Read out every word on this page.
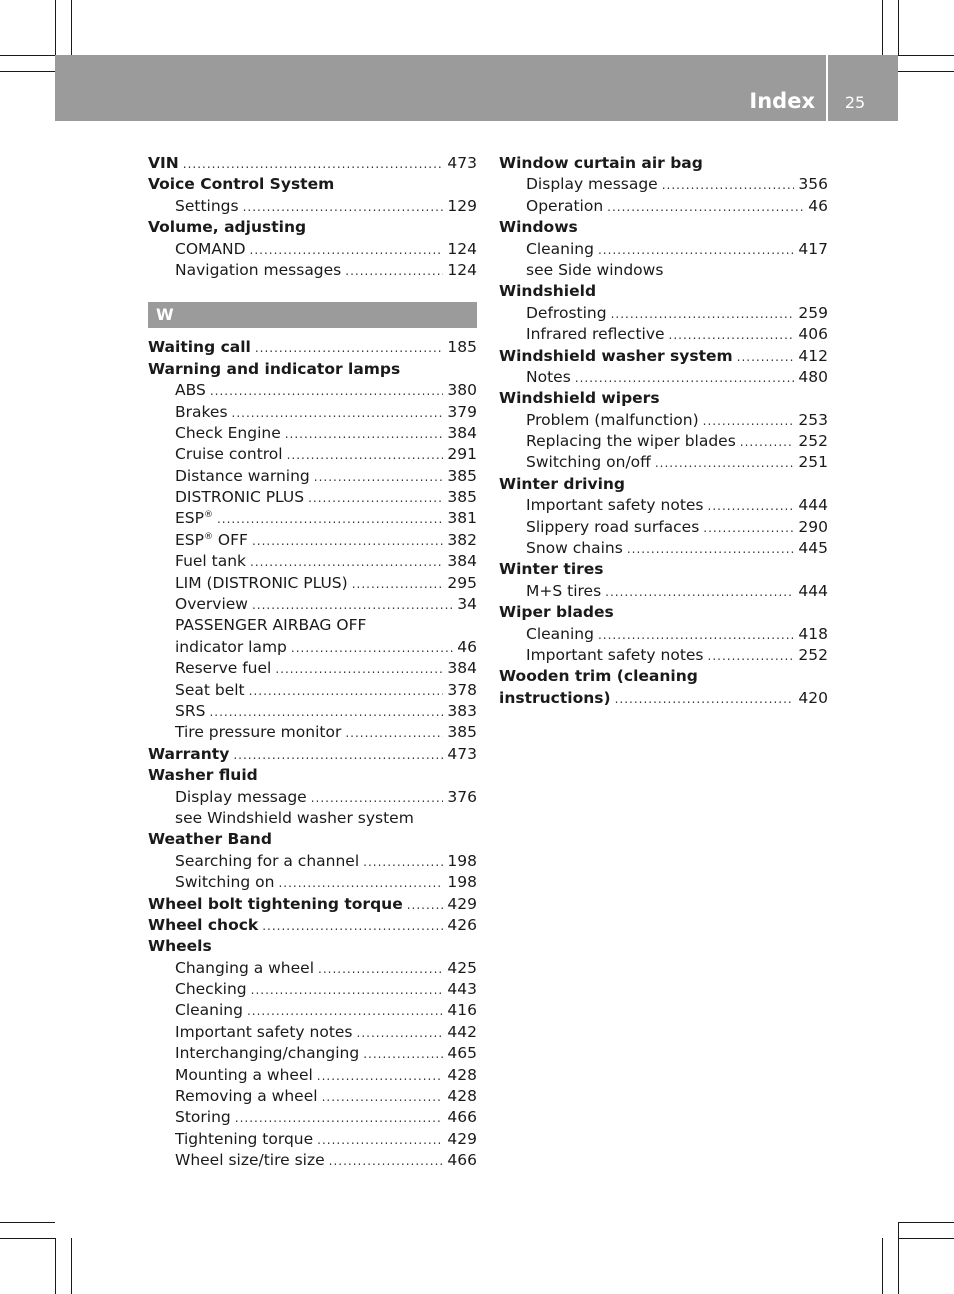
Index	25
VIN .....	473
Voice Control System
Settings .....	129
Volume, adjusting
COMAND .....	124
Navigation messages .....	124
W
Waiting call .....	185
Warning and indicator lamps
ABS .....	380
Brakes .....	379
Check Engine .....	384
Cruise control .....	291
Distance warning .....	385
DISTRONIC PLUS .....	385
ESP® .....	381
ESP® OFF .....	382
Fuel tank .....	384
LIM (DISTRONIC PLUS) .....	295
Overview .....	34
PASSENGER AIRBAG OFF
indicator lamp .....	46
Reserve fuel .....	384
Seat belt .....	378
SRS .....	383
Tire pressure monitor .....	385
Warranty .....	473
Washer fluid
Display message .....	376
see Windshield washer system
Weather Band
Searching for a channel .....	198
Switching on .....	198
Wheel bolt tightening torque .....	429
Wheel chock .....	426
Wheels
Changing a wheel .....	425
Checking .....	443
Cleaning .....	416
Important safety notes .....	442
Interchanging/changing .....	465
Mounting a wheel .....	428
Removing a wheel .....	428
Storing .....	466
Tightening torque .....	429
Wheel size/tire size .....	466
Window curtain air bag
Display message .....	356
Operation .....	46
Windows
Cleaning .....	417
see Side windows
Windshield
Defrosting .....	259
Infrared reflective .....	406
Windshield washer system .....	412
Notes .....	480
Windshield wipers
Problem (malfunction) .....	253
Replacing the wiper blades .....	252
Switching on/off .....	251
Winter driving
Important safety notes .....	444
Slippery road surfaces .....	290
Snow chains .....	445
Winter tires
M+S tires .....	444
Wiper blades
Cleaning .....	418
Important safety notes .....	252
Wooden trim (cleaning
instructions) .....	420
